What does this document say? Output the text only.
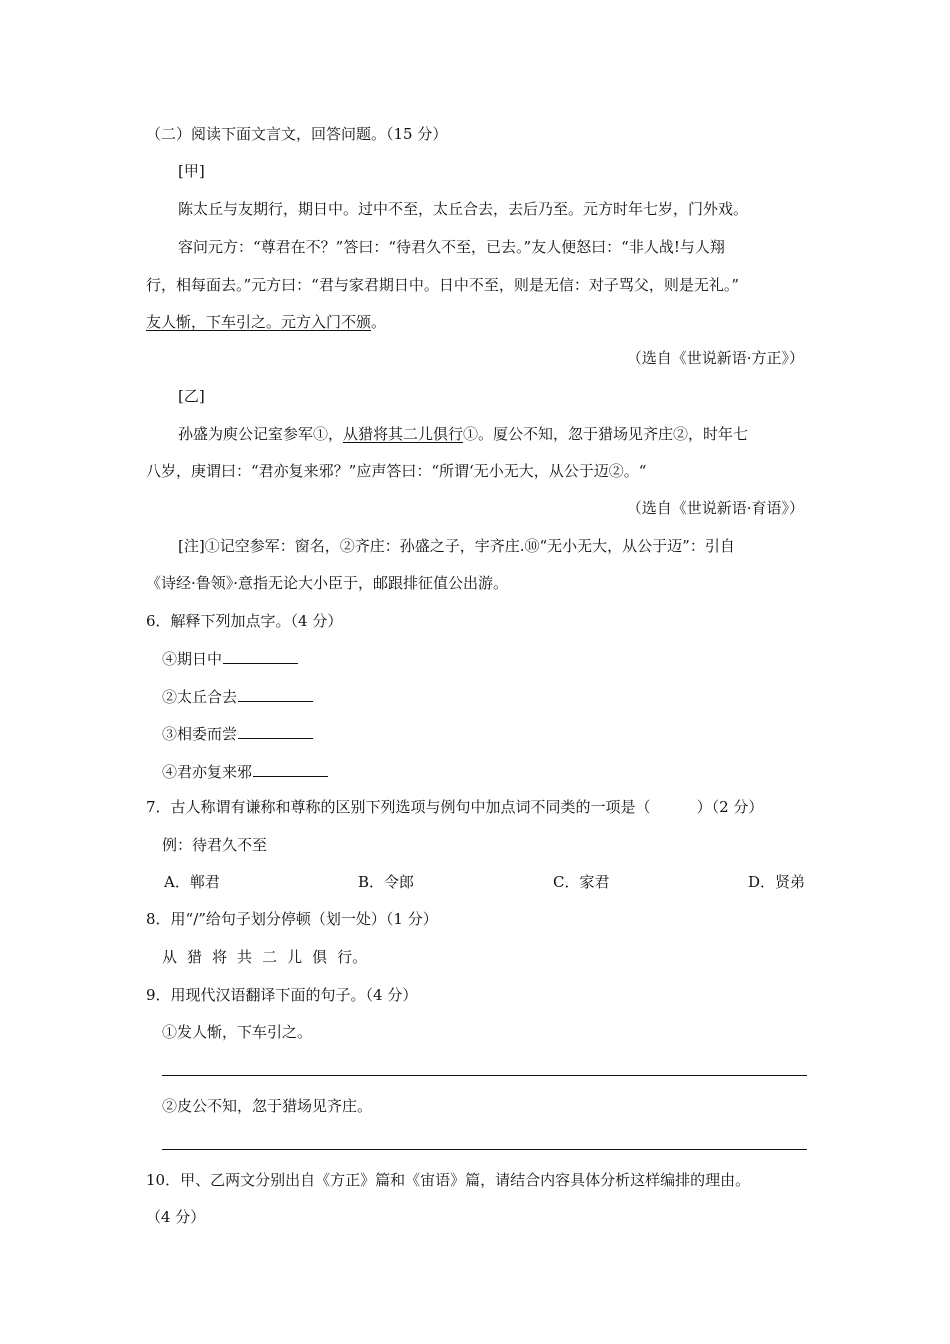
（二）阅读下面文言文，回答问题。（15 分）
[甲]
陈太丘与友期行，期日中。过中不至，太丘合去，去后乃至。元方时年七岁，门外戏。
容问元方：“尊君在不？”答曰：“待君久不至，已去。”友人便怒曰：“非人战!与人翔
行，相每面去。”元方曰：“君与家君期日中。日中不至，则是无信：对子骂父，则是无礼。”
友人惭，下车引之。元方入门不颁。
（选自《世说新语·方正》）
[乙]
孙盛为庾公记室参军①，从猎将其二儿俱行①。厦公不知，忽于猎场见齐庄②，时年七
八岁，庚谓曰：“君亦复来邪？”应声答曰：“所谓‘无小无大，从公于迈②。“
（选自《世说新语·育语》）
[注]①记空参军：窗名，②齐庄：孙盛之子，宇齐庄.⑩“无小无大，从公于迈”：引自
《诗经·鲁领》·意指无论大小臣于，邮跟排征值公出游。
6．解释下列加点字。（4 分）
④期日中
②太丘合去
③相委而尝
④君亦复来邪
7．古人称谓有谦称和尊称的区别下列选项与例句中加点词不同类的一项是（	）（2 分）
例：待君久不至
A．郸君	B．令郎	C．家君	D．贤弟
8．用“/”给句子划分停顿（划一处）（1 分）
从 猎 将 共 二 儿 俱 行。
9．用现代汉语翻译下面的句子。（4 分）
①发人惭，下车引之。
②皮公不知，忽于猎场见齐庄。
10．甲、乙两文分别出自《方正》篇和《宙语》篇，请结合内容具体分析这样编排的理由。
（4 分）
